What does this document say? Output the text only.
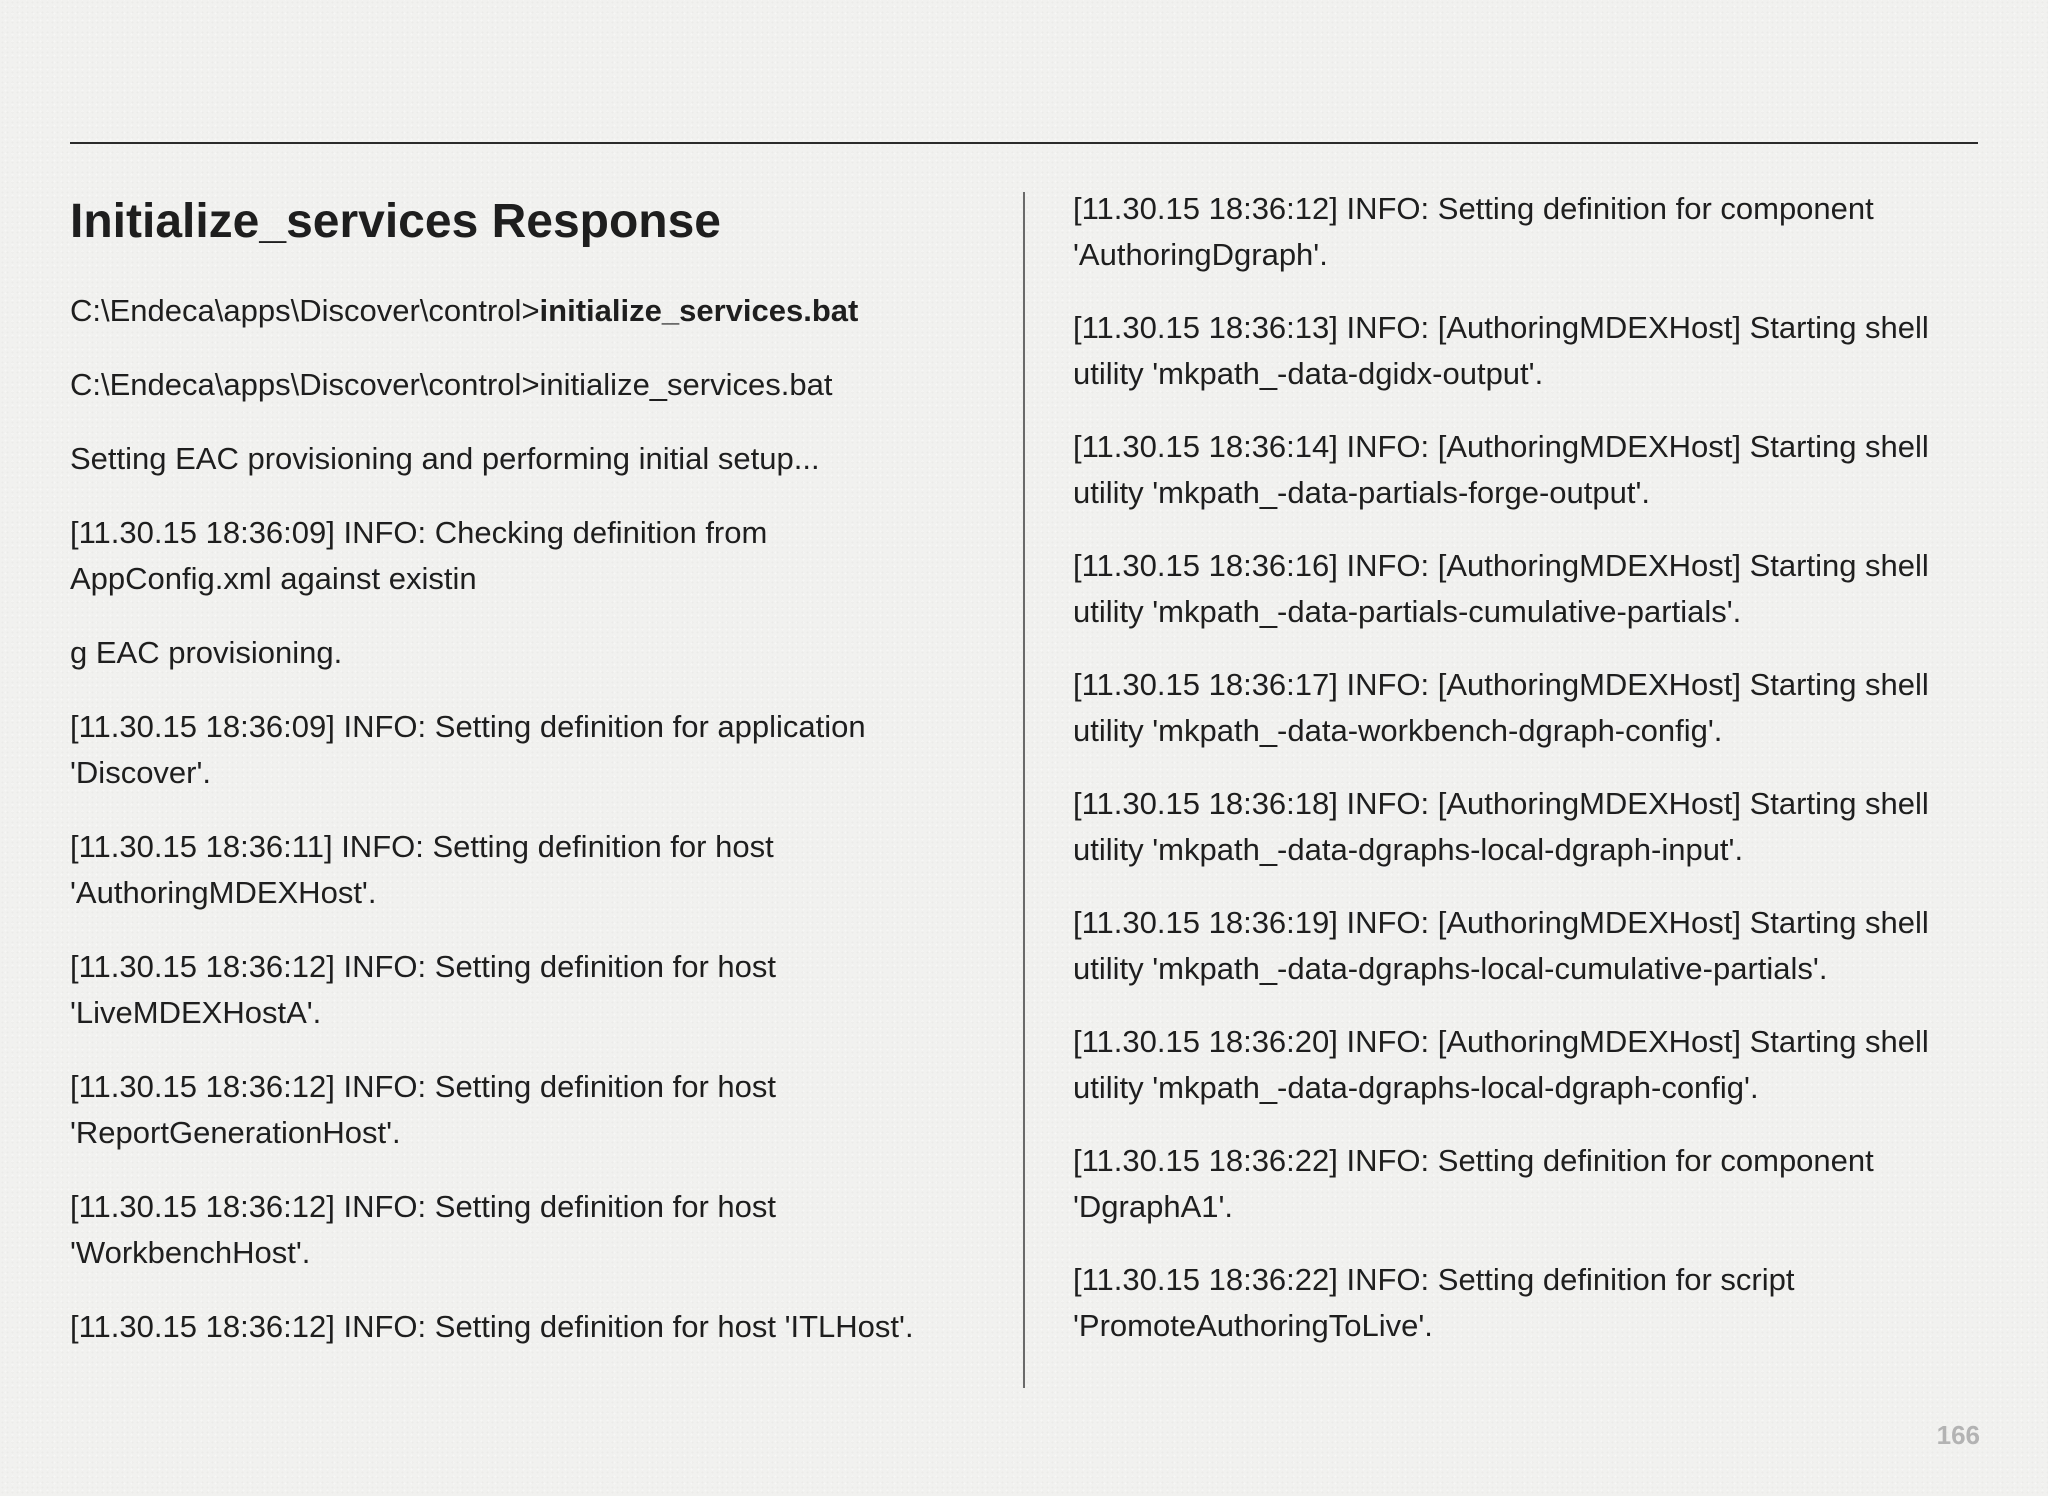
Initialize_services Response

C:\Endeca\apps\Discover\control>initialize_services.bat

C:\Endeca\apps\Discover\control>initialize_services.bat

Setting EAC provisioning and performing initial setup...

[11.30.15 18:36:09] INFO: Checking definition from
AppConfig.xml against existin

g EAC provisioning.

[11.30.15 18:36:09] INFO: Setting definition for application
'Discover'.

[11.30.15 18:36:11] INFO: Setting definition for host
'AuthoringMDEXHost'.

[11.30.15 18:36:12] INFO: Setting definition for host
'LiveMDEXHostA'.

[11.30.15 18:36:12] INFO: Setting definition for host
'ReportGenerationHost'.

[11.30.15 18:36:12] INFO: Setting definition for host
'WorkbenchHost'.

[11.30.15 18:36:12] INFO: Setting definition for host 'ITLHost'.

[11.30.15 18:36:12] INFO: Setting definition for component
'AuthoringDgraph'.

[11.30.15 18:36:13] INFO: [AuthoringMDEXHost] Starting shell
utility 'mkpath_-data-dgidx-output'.

[11.30.15 18:36:14] INFO: [AuthoringMDEXHost] Starting shell
utility 'mkpath_-data-partials-forge-output'.

[11.30.15 18:36:16] INFO: [AuthoringMDEXHost] Starting shell
utility 'mkpath_-data-partials-cumulative-partials'.

[11.30.15 18:36:17] INFO: [AuthoringMDEXHost] Starting shell
utility 'mkpath_-data-workbench-dgraph-config'.

[11.30.15 18:36:18] INFO: [AuthoringMDEXHost] Starting shell
utility 'mkpath_-data-dgraphs-local-dgraph-input'.

[11.30.15 18:36:19] INFO: [AuthoringMDEXHost] Starting shell
utility 'mkpath_-data-dgraphs-local-cumulative-partials'.

[11.30.15 18:36:20] INFO: [AuthoringMDEXHost] Starting shell
utility 'mkpath_-data-dgraphs-local-dgraph-config'.

[11.30.15 18:36:22] INFO: Setting definition for component
'DgraphA1'.

[11.30.15 18:36:22] INFO: Setting definition for script
'PromoteAuthoringToLive'.

166
